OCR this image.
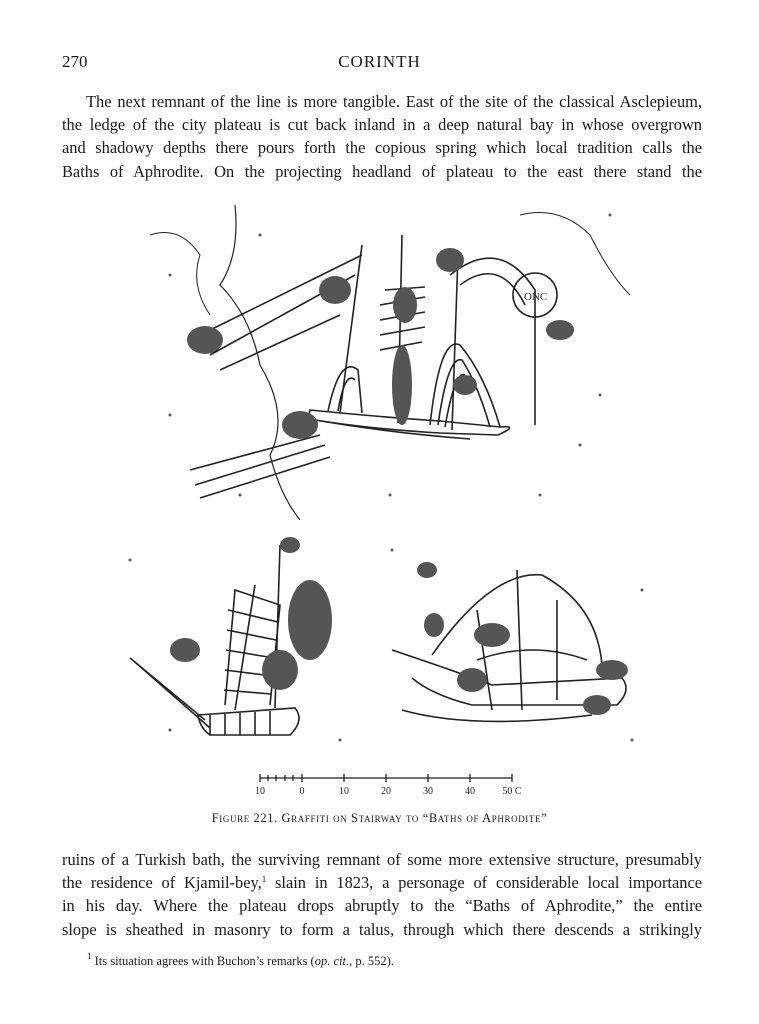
270	CORINTH
The next remnant of the line is more tangible. East of the site of the classical Asclepieum,
the ledge of the city plateau is cut back inland in a deep natural bay in whose overgrown
and shadowy depths there pours forth the copious spring which local tradition calls the
Baths of Aphrodite. On the projecting headland of plateau to the east there stand the
ONC
10	0	10	20	30	40	50 C
Figure 221. Graffiti on Stairway to “Baths of Aphrodite”
ruins of a Turkish bath, the surviving remnant of some more extensive structure, presumably
the residence of Kjamil-bey,$^1$ slain in 1823, a personage of considerable local importance
in his day. Where the plateau drops abruptly to the “Baths of Aphrodite,” the entire
slope is sheathed in masonry to form a talus, through which there descends a strikingly
$^1$ Its situation agrees with Buchon’s remarks (op. cit., p. 552).
